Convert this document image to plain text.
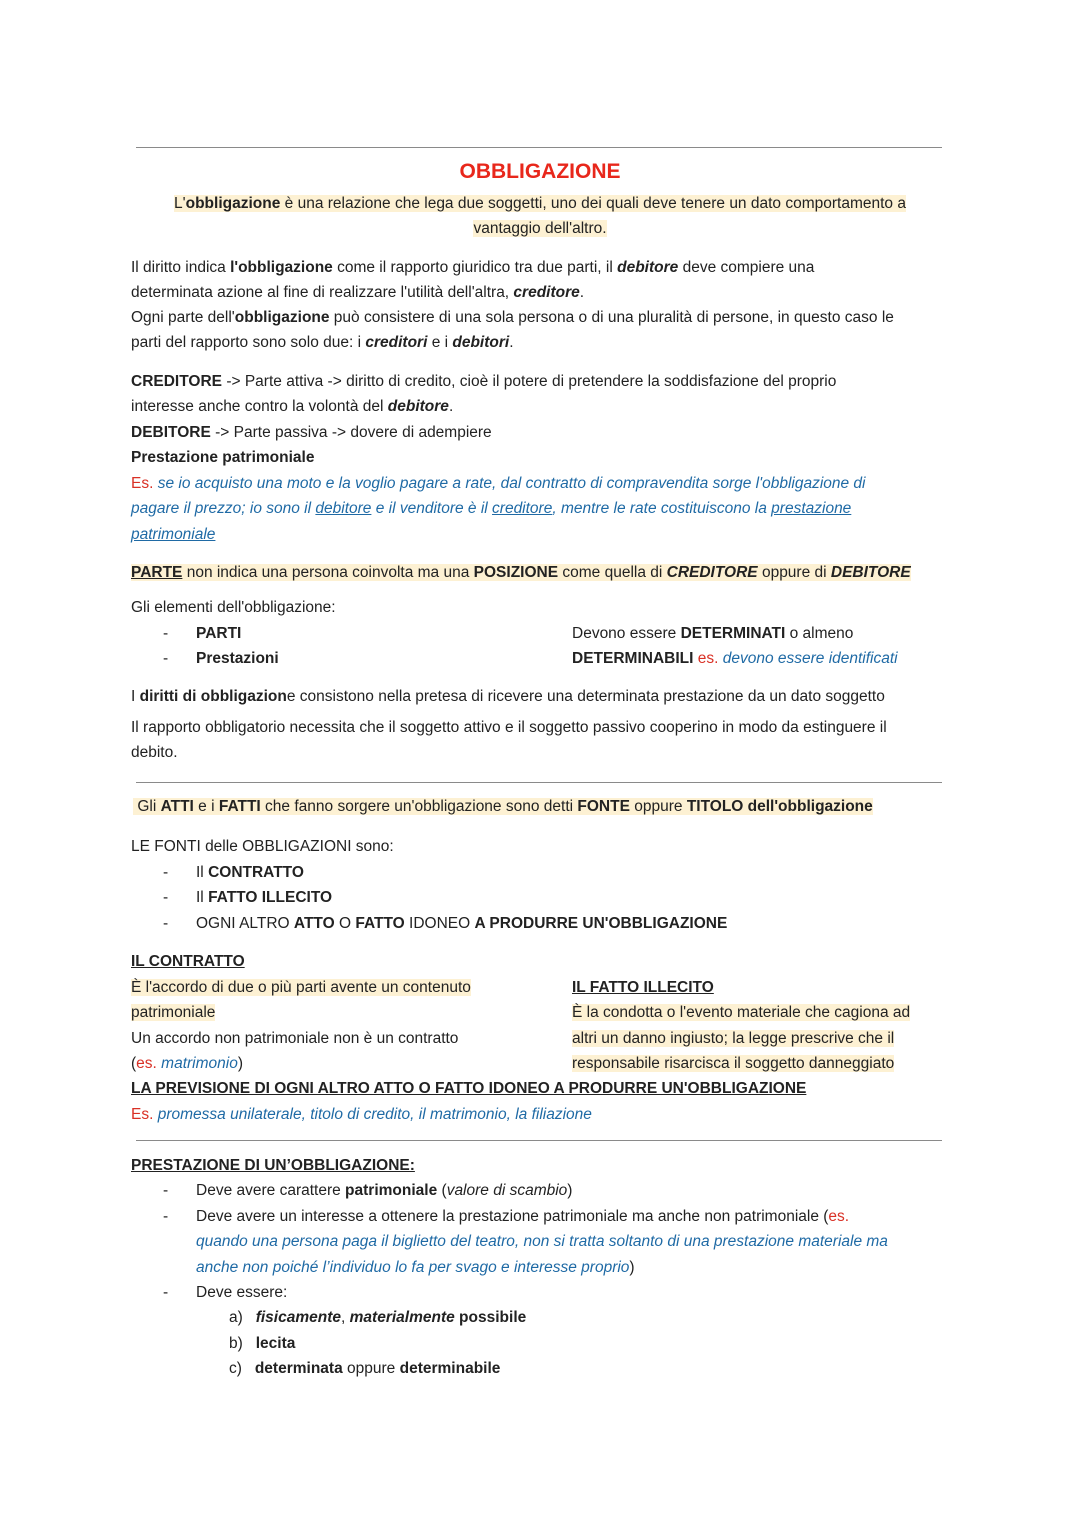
OBBLIGAZIONE
L'obbligazione è una relazione che lega due soggetti, uno dei quali deve tenere un dato comportamento a
vantaggio dell'altro.
Il diritto indica l'obbligazione come il rapporto giuridico tra due parti, il debitore deve compiere una
determinata azione al fine di realizzare l'utilità dell'altra, creditore.
Ogni parte dell'obbligazione può consistere di una sola persona o di una pluralità di persone, in questo caso le
parti del rapporto sono solo due: i creditori e i debitori.
CREDITORE -> Parte attiva -> diritto di credito, cioè il potere di pretendere la soddisfazione del proprio
interesse anche contro la volontà del debitore.
DEBITORE -> Parte passiva -> dovere di adempiere
Prestazione patrimoniale
Es. se io acquisto una moto e la voglio pagare a rate, dal contratto di compravendita sorge l'obbligazione di
pagare il prezzo; io sono il debitore e il venditore è il creditore, mentre le rate costituiscono la prestazione
patrimoniale
PARTE non indica una persona coinvolta ma una POSIZIONE come quella di CREDITORE oppure di DEBITORE
Gli elementi dell'obbligazione:
- PARTI
- Prestazioni
Devono essere DETERMINATI o almeno
DETERMINABILI es. devono essere identificati
I diritti di obbligazione consistono nella pretesa di ricevere una determinata prestazione da un dato soggetto
Il rapporto obbligatorio necessita che il soggetto attivo e il soggetto passivo cooperino in modo da estinguere il
debito.
Gli ATTI e i FATTI che fanno sorgere un'obbligazione sono detti FONTE oppure TITOLO dell'obbligazione
LE FONTI delle OBBLIGAZIONI sono:
- Il CONTRATTO
- Il FATTO ILLECITO
- OGNI ALTRO ATTO O FATTO IDONEO A PRODURRE UN'OBBLIGAZIONE
IL CONTRATTO
È l'accordo di due o più parti avente un contenuto
patrimoniale
Un accordo non patrimoniale non è un contratto
(es. matrimonio)
IL FATTO ILLECITO
È la condotta o l'evento materiale che cagiona ad
altri un danno ingiusto; la legge prescrive che il
responsabile risarcisca il soggetto danneggiato
LA PREVISIONE DI OGNI ALTRO ATTO O FATTO IDONEO A PRODURRE UN'OBBLIGAZIONE
Es. promessa unilaterale, titolo di credito, il matrimonio, la filiazione
PRESTAZIONE DI UN’OBBLIGAZIONE:
- Deve avere carattere patrimoniale (valore di scambio)
- Deve avere un interesse a ottenere la prestazione patrimoniale ma anche non patrimoniale (es.
quando una persona paga il biglietto del teatro, non si tratta soltanto di una prestazione materiale ma
anche non poiché l’individuo lo fa per svago e interesse proprio)
- Deve essere:
a) fisicamente, materialmente possibile
b) lecita
c) determinata oppure determinabile
